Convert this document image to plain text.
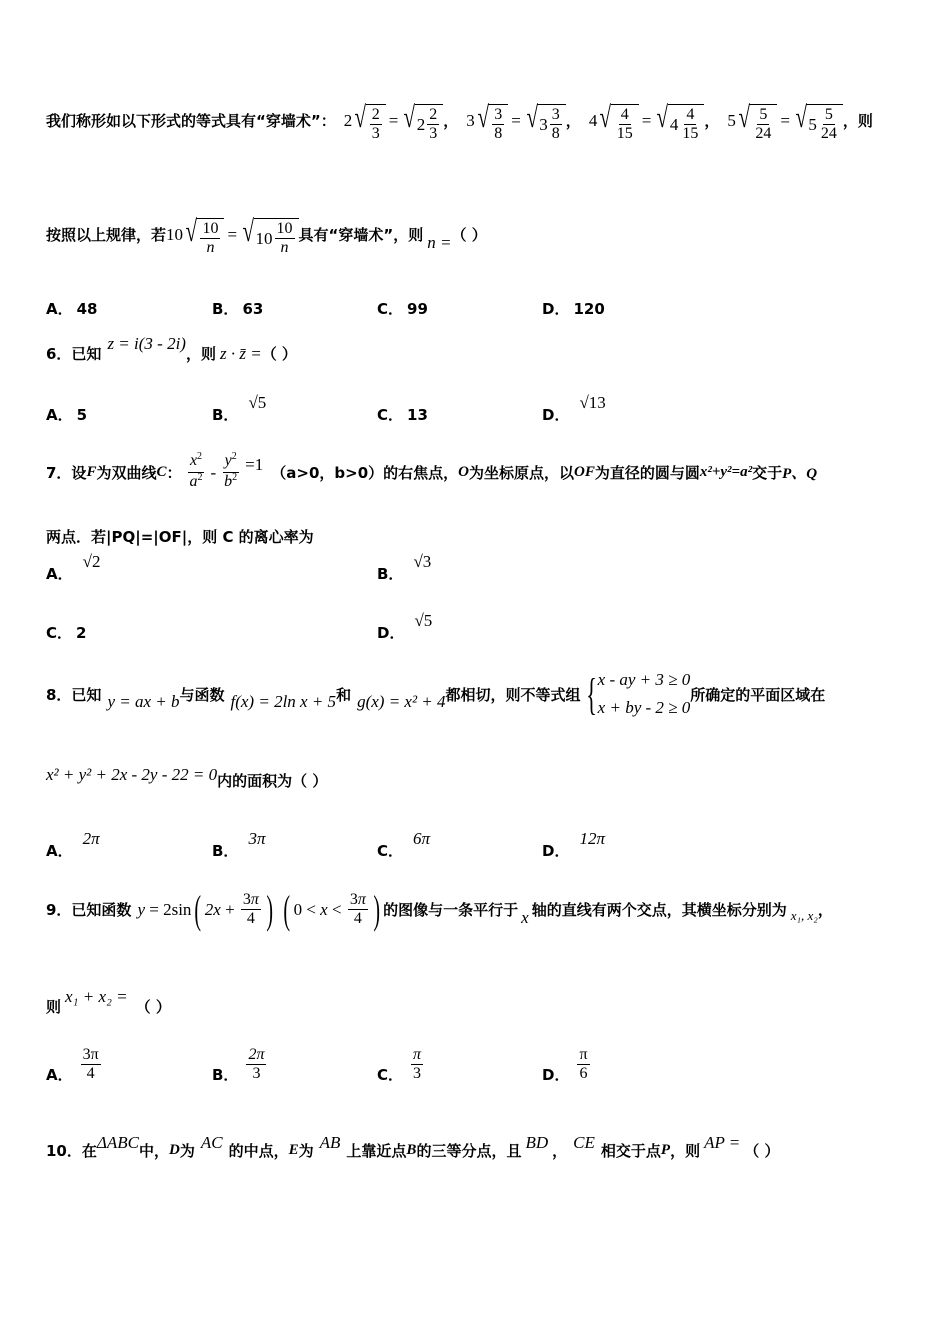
我们称形如以下形式的等式具有“穿墙术”： 2 √ $\frac{2}{3}$ = √ $2 \frac{2}{3}$ ， 3 √ $\frac{3}{8}$ = √ $3 \frac{3}{8}$ ， 4 √ $\frac{4}{15}$ = √ $4 \frac{4}{15}$ ， 5 √ $\frac{5}{24}$ = √ $5 \frac{5}{24}$ ，则
按照以上规律，若 10 √ $\frac{10}{n}$ = √ $10 \frac{10}{n}$ 具有“穿墙术”，则 n = （ ）
A． 48	B． 63	C． 99	D． 120
6．已知
z = i(3 - 2i)
，则 z · z̄ = （ ）
A． 5	B．
√5
C． 13	D．
√13
7．设 F 为双曲线 C ： $\frac{x^2}{a^2} - \frac{y^2}{b^2} =1$ （a>0，b>0）的右焦点， O 为坐标原点，以 OF 为直径的圆与圆 x²+y²=a² 交于 P、Q
两点．若|PQ|=|OF|，则 C 的离心率为
A．
√2
B．
√3
C． 2	D．
√5
8．已知 y = ax + b 与函数 f(x) = 2ln x + 5 和 g(x) = x² + 4 都相切，则不等式组 { x - ay + 3 ≥ 0
x + by - 2 ≥ 0
所确定的平面区域在
x² + y² + 2x - 2y - 22 = 0 内的面积为（ ）
A．
2π
B．
3π
C．
6π
D．
12π
9．已知函数 y = 2sin ( $2x + \frac{3\pi}{4}$ ) ( $0 < x < \frac{3\pi}{4}$ ) 的图像与一条平行于 x 轴的直线有两个交点，其横坐标分别为 x₁, x₂ ，
则
x₁ + x₂ =
（ ）
A． $\frac{3\pi}{4}$	B． $\frac{2\pi}{3}$	C． $\frac{\pi}{3}$	D． $\frac{\pi}{6}$
10．在 ΔABC 中， D 为 AC 的中点， E 为 AB 上靠近点 B 的三等分点，且 BD ， CE 相交于点 P ，则 AP = （ ）
